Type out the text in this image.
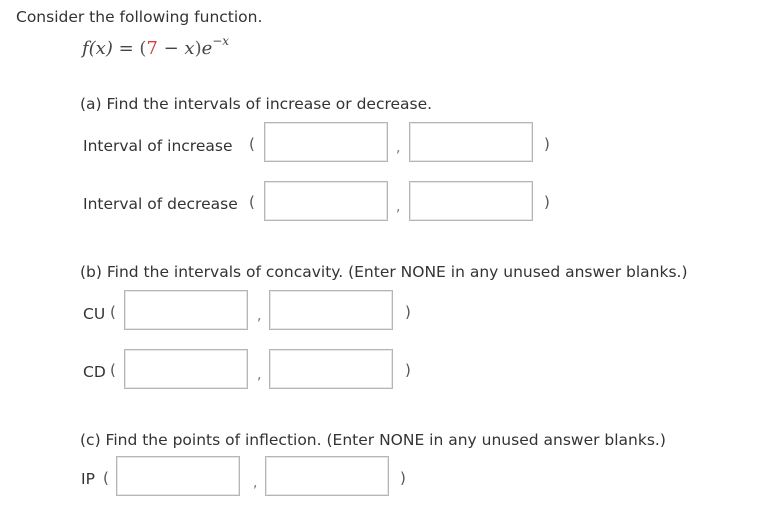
Consider the following function.
$f(x) = (7 - x)e^{-x}$
(a) Find the intervals of increase or decrease.
Interval of increase (	,	)
Interval of decrease (	,	)
(b) Find the intervals of concavity. (Enter NONE in any unused answer blanks.)
CU (	,	)
CD (	,	)
(c) Find the points of inflection. (Enter NONE in any unused answer blanks.)
IP (	,	)
